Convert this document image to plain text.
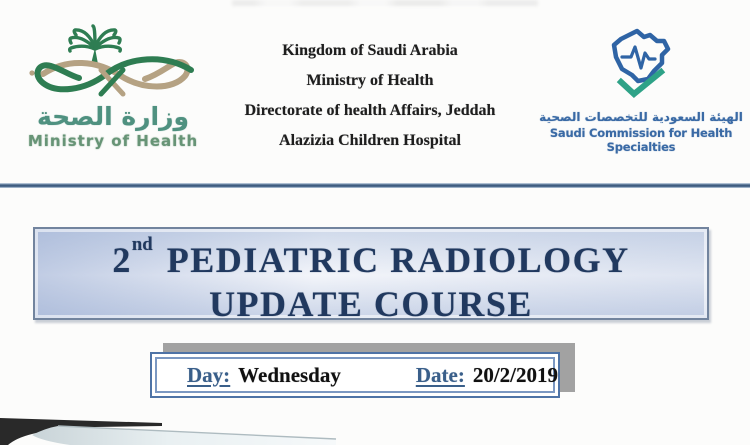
وزارة الصحة
Ministry of Health
Kingdom of Saudi Arabia
Ministry of Health
Directorate of health Affairs, Jeddah
Alazizia Children Hospital
الهيئة السعودية للتخصصات الصحية
Saudi Commission for Health Specialties
2nd PEDIATRIC RADIOLOGY
UPDATE COURSE
Day: Wednesday	Date: 20/2/2019
